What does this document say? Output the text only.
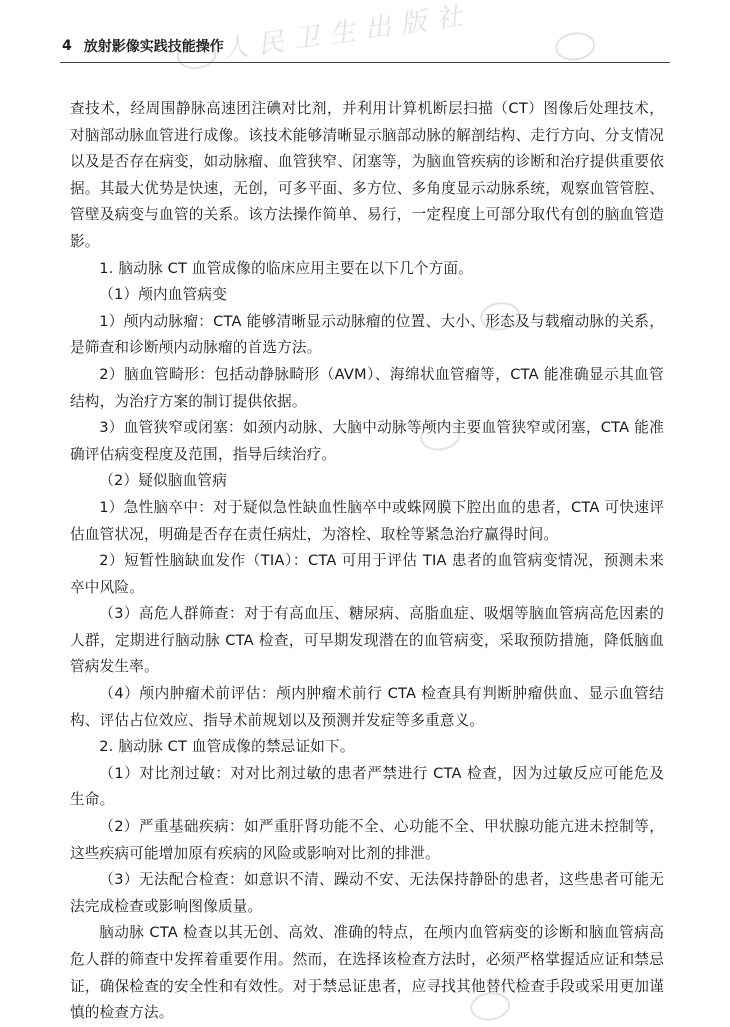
人民卫生出版社
4 放射影像实践技能操作

查技术，经周围静脉高速团注碘对比剂，并利用计算机断层扫描（CT）图像后处理技术，对脑部动脉血管进行成像。该技术能够清晰显示脑部动脉的解剖结构、走行方向、分支情况以及是否存在病变，如动脉瘤、血管狭窄、闭塞等，为脑血管疾病的诊断和治疗提供重要依据。其最大优势是快速，无创，可多平面、多方位、多角度显示动脉系统，观察血管管腔、管壁及病变与血管的关系。该方法操作简单、易行，一定程度上可部分取代有创的脑血管造影。

1. 脑动脉 CT 血管成像的临床应用主要在以下几个方面。

（1）颅内血管病变

1）颅内动脉瘤：CTA 能够清晰显示动脉瘤的位置、大小、形态及与载瘤动脉的关系，是筛查和诊断颅内动脉瘤的首选方法。

2）脑血管畸形：包括动静脉畸形（AVM）、海绵状血管瘤等，CTA 能准确显示其血管结构，为治疗方案的制订提供依据。

3）血管狭窄或闭塞：如颈内动脉、大脑中动脉等颅内主要血管狭窄或闭塞，CTA 能准确评估病变程度及范围，指导后续治疗。

（2）疑似脑血管病

1）急性脑卒中：对于疑似急性缺血性脑卒中或蛛网膜下腔出血的患者，CTA 可快速评估血管状况，明确是否存在责任病灶，为溶栓、取栓等紧急治疗赢得时间。

2）短暂性脑缺血发作（TIA）：CTA 可用于评估 TIA 患者的血管病变情况，预测未来卒中风险。

（3）高危人群筛查：对于有高血压、糖尿病、高脂血症、吸烟等脑血管病高危因素的人群，定期进行脑动脉 CTA 检查，可早期发现潜在的血管病变，采取预防措施，降低脑血管病发生率。

（4）颅内肿瘤术前评估：颅内肿瘤术前行 CTA 检查具有判断肿瘤供血、显示血管结构、评估占位效应、指导术前规划以及预测并发症等多重意义。

2. 脑动脉 CT 血管成像的禁忌证如下。

（1）对比剂过敏：对对比剂过敏的患者严禁进行 CTA 检查，因为过敏反应可能危及生命。

（2）严重基础疾病：如严重肝肾功能不全、心功能不全、甲状腺功能亢进未控制等，这些疾病可能增加原有疾病的风险或影响对比剂的排泄。

（3）无法配合检查：如意识不清、躁动不安、无法保持静卧的患者，这些患者可能无法完成检查或影响图像质量。

脑动脉 CTA 检查以其无创、高效、准确的特点，在颅内血管病变的诊断和脑血管病高危人群的筛查中发挥着重要作用。然而，在选择该检查方法时，必须严格掌握适应证和禁忌证，确保检查的安全性和有效性。对于禁忌证患者，应寻找其他替代检查手段或采用更加谨慎的检查方法。
